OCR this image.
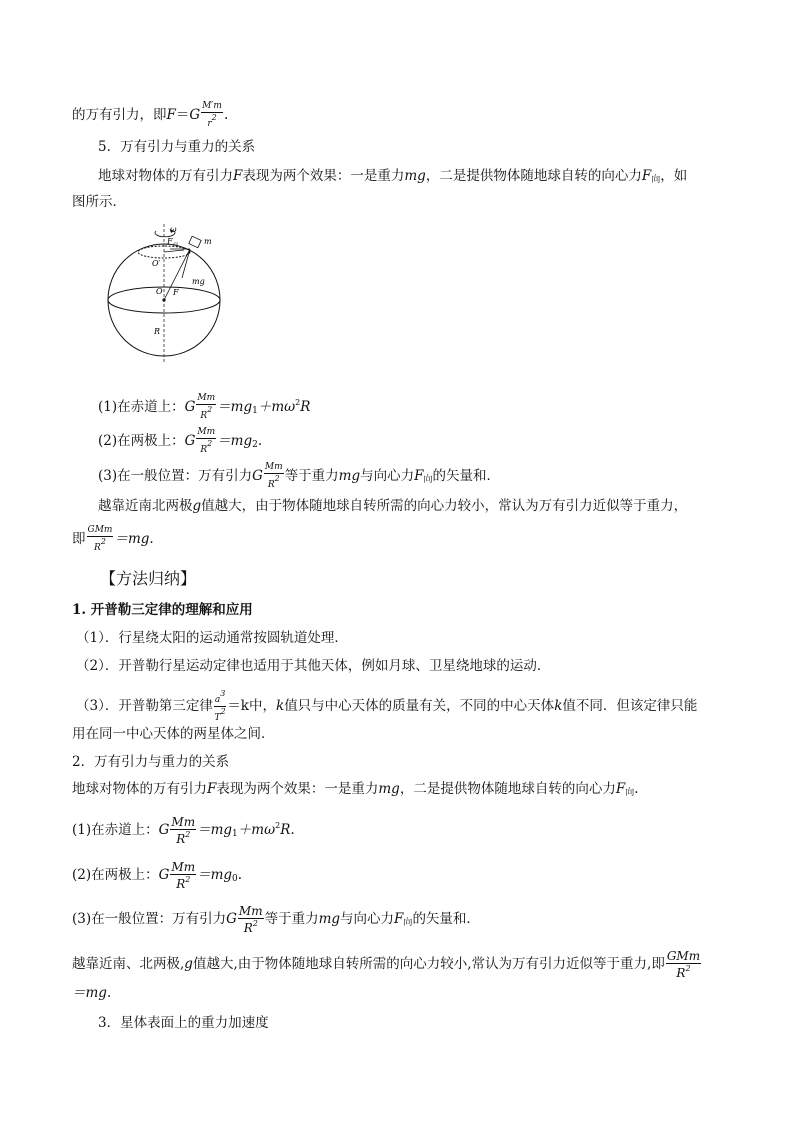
的万有引力，即$F=G \frac{M'm}{r2}$ .
5．万有引力与重力的关系
地球对物体的万有引力F表现为两个效果：一是重力mg，二是提供物体随地球自转的向心力$F_向$，如
图所示．
ω
$F_向$	m
O′
O F
mg
R
(1)在赤道上：G $\frac{Mm}{R2} =mg_1+m\omega^2R$
(2)在两极上：G $\frac{Mm}{R2} =mg_2$.
(3)在一般位置：万有引力G $\frac{Mm}{R2}$ 等于重力mg与向心力$F_向$的矢量和．
越靠近南北两极g值越大，由于物体随地球自转所需的向心力较小，常认为万有引力近似等于重力，
即 $\frac{\text{GMm}}{R2} =mg$.
【方法归纳】
1. 开普勒三定律的理解和应用
（1）．行星绕太阳的运动通常按圆轨道处理．
（2）．开普勒行星运动定律也适用于其他天体，例如月球、卫星绕地球的运动．
（3）．开普勒第三定律 $\frac{a3}{T2} =k$中，k值只与中心天体的质量有关，不同的中心天体k值不同．但该定律只能
用在同一中心天体的两星体之间．
2．万有引力与重力的关系
地球对物体的万有引力F表现为两个效果：一是重力mg，二是提供物体随地球自转的向心力$F_向$.
(1)在赤道上：G $\frac{Mm}{R^2} =mg_1+m\omega^2R$.
(2)在两极上：G $\frac{Mm}{R^2} =mg_0$.
(3)在一般位置：万有引力G $\frac{Mm}{R^2}$ 等于重力mg与向心力$F_向$的矢量和．
越靠近南、北两极,g值越大,由于物体随地球自转所需的向心力较小,常认为万有引力近似等于重力,即 $\frac{\text{GMm}}{R^2}$
＝mg.
3．星体表面上的重力加速度
